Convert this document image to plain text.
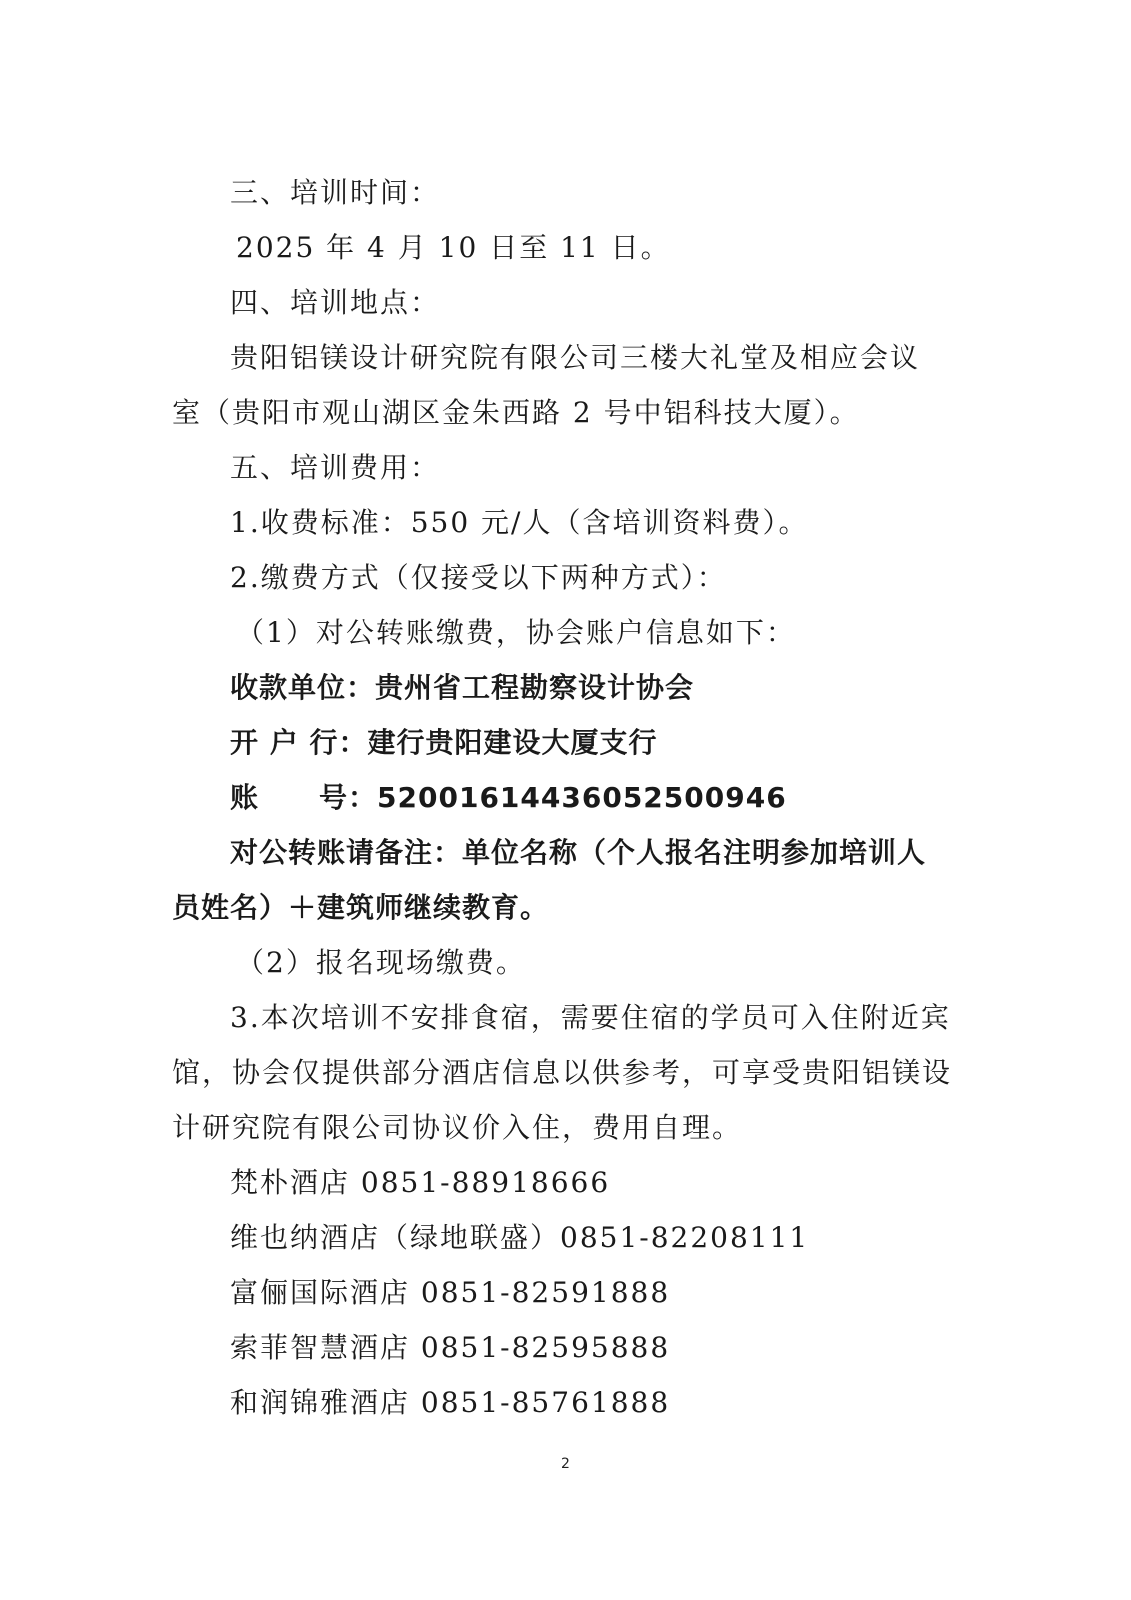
三、培训时间：
2025 年 4 月 10 日至 11 日。
四、培训地点：
贵阳铝镁设计研究院有限公司三楼大礼堂及相应会议
室（贵阳市观山湖区金朱西路 2 号中铝科技大厦）。
五、培训费用：
1.收费标准：550 元/人（含培训资料费）。
2.缴费方式（仅接受以下两种方式）：
（1）对公转账缴费，协会账户信息如下：
收款单位：贵州省工程勘察设计协会
开 户 行：建行贵阳建设大厦支行
账 号：52001614436052500946
对公转账请备注：单位名称（个人报名注明参加培训人
员姓名）＋建筑师继续教育。
（2）报名现场缴费。
3.本次培训不安排食宿，需要住宿的学员可入住附近宾
馆，协会仅提供部分酒店信息以供参考，可享受贵阳铝镁设
计研究院有限公司协议价入住，费用自理。
梵朴酒店 0851-88918666
维也纳酒店（绿地联盛）0851-82208111
富俪国际酒店 0851-82591888
索菲智慧酒店 0851-82595888
和润锦雅酒店 0851-85761888
2
